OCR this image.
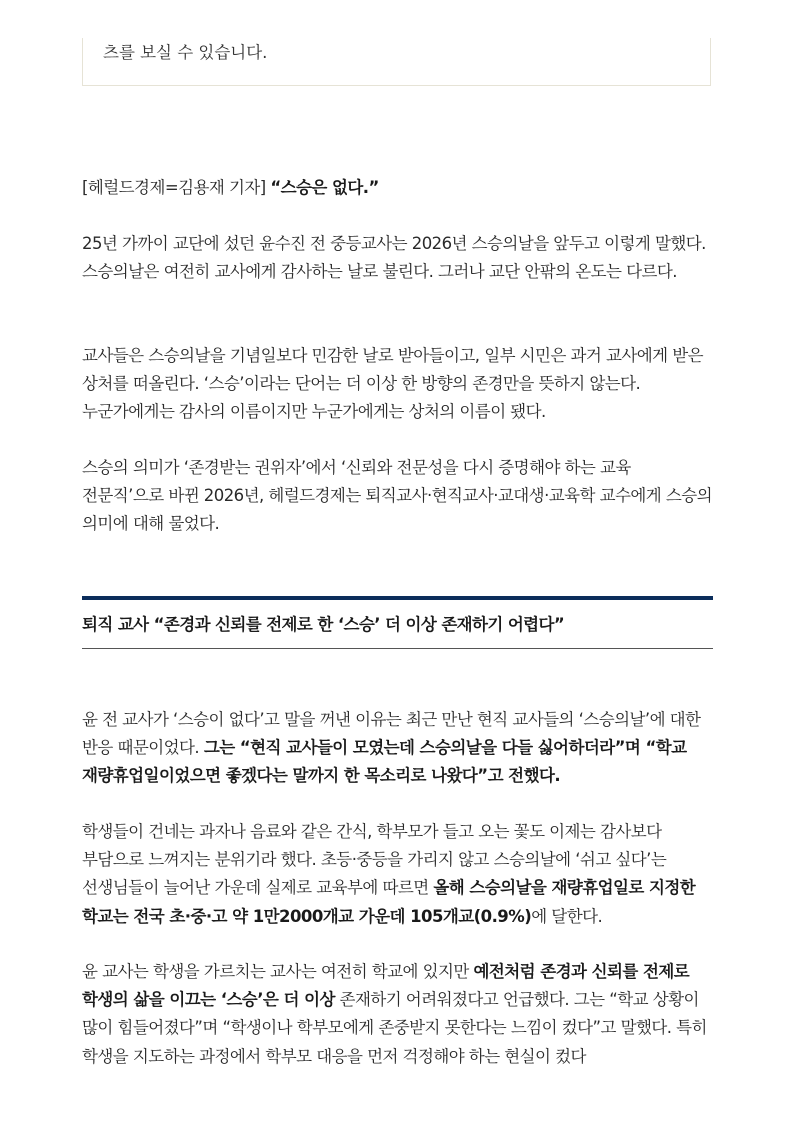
츠를 보실 수 있습니다.

[헤럴드경제=김용재 기자] “스승은 없다.”

25년 가까이 교단에 섰던 윤수진 전 중등교사는 2026년 스승의날을 앞두고 이렇게 말했다. 스승의날은 여전히 교사에게 감사하는 날로 불린다. 그러나 교단 안팎의 온도는 다르다.

교사들은 스승의날을 기념일보다 민감한 날로 받아들이고, 일부 시민은 과거 교사에게 받은 상처를 떠올린다. ‘스승’이라는 단어는 더 이상 한 방향의 존경만을 뜻하지 않는다. 누군가에게는 감사의 이름이지만 누군가에게는 상처의 이름이 됐다.

스승의 의미가 ‘존경받는 권위자’에서 ‘신뢰와 전문성을 다시 증명해야 하는 교육 전문직’으로 바뀐 2026년, 헤럴드경제는 퇴직교사·현직교사·교대생·교육학 교수에게 스승의 의미에 대해 물었다.

퇴직 교사 “존경과 신뢰를 전제로 한 ‘스승’ 더 이상 존재하기 어렵다”

윤 전 교사가 ‘스승이 없다’고 말을 꺼낸 이유는 최근 만난 현직 교사들의 ‘스승의날’에 대한 반응 때문이었다. 그는 “현직 교사들이 모였는데 스승의날을 다들 싫어하더라”며 “학교 재량휴업일이었으면 좋겠다는 말까지 한 목소리로 나왔다”고 전했다.

학생들이 건네는 과자나 음료와 같은 간식, 학부모가 들고 오는 꽃도 이제는 감사보다 부담으로 느껴지는 분위기라 했다. 초등·중등을 가리지 않고 스승의날에 ‘쉬고 싶다’는 선생님들이 늘어난 가운데 실제로 교육부에 따르면 올해 스승의날을 재량휴업일로 지정한 학교는 전국 초·중·고 약 1만2000개교 가운데 105개교(0.9%)에 달한다.

윤 교사는 학생을 가르치는 교사는 여전히 학교에 있지만 예전처럼 존경과 신뢰를 전제로 학생의 삶을 이끄는 ‘스승’은 더 이상 존재하기 어려워졌다고 언급했다. 그는 “학교 상황이 많이 힘들어졌다”며 “학생이나 학부모에게 존중받지 못한다는 느낌이 컸다”고 말했다. 특히 학생을 지도하는 과정에서 학부모 대응을 먼저 걱정해야 하는 현실이 컸다
